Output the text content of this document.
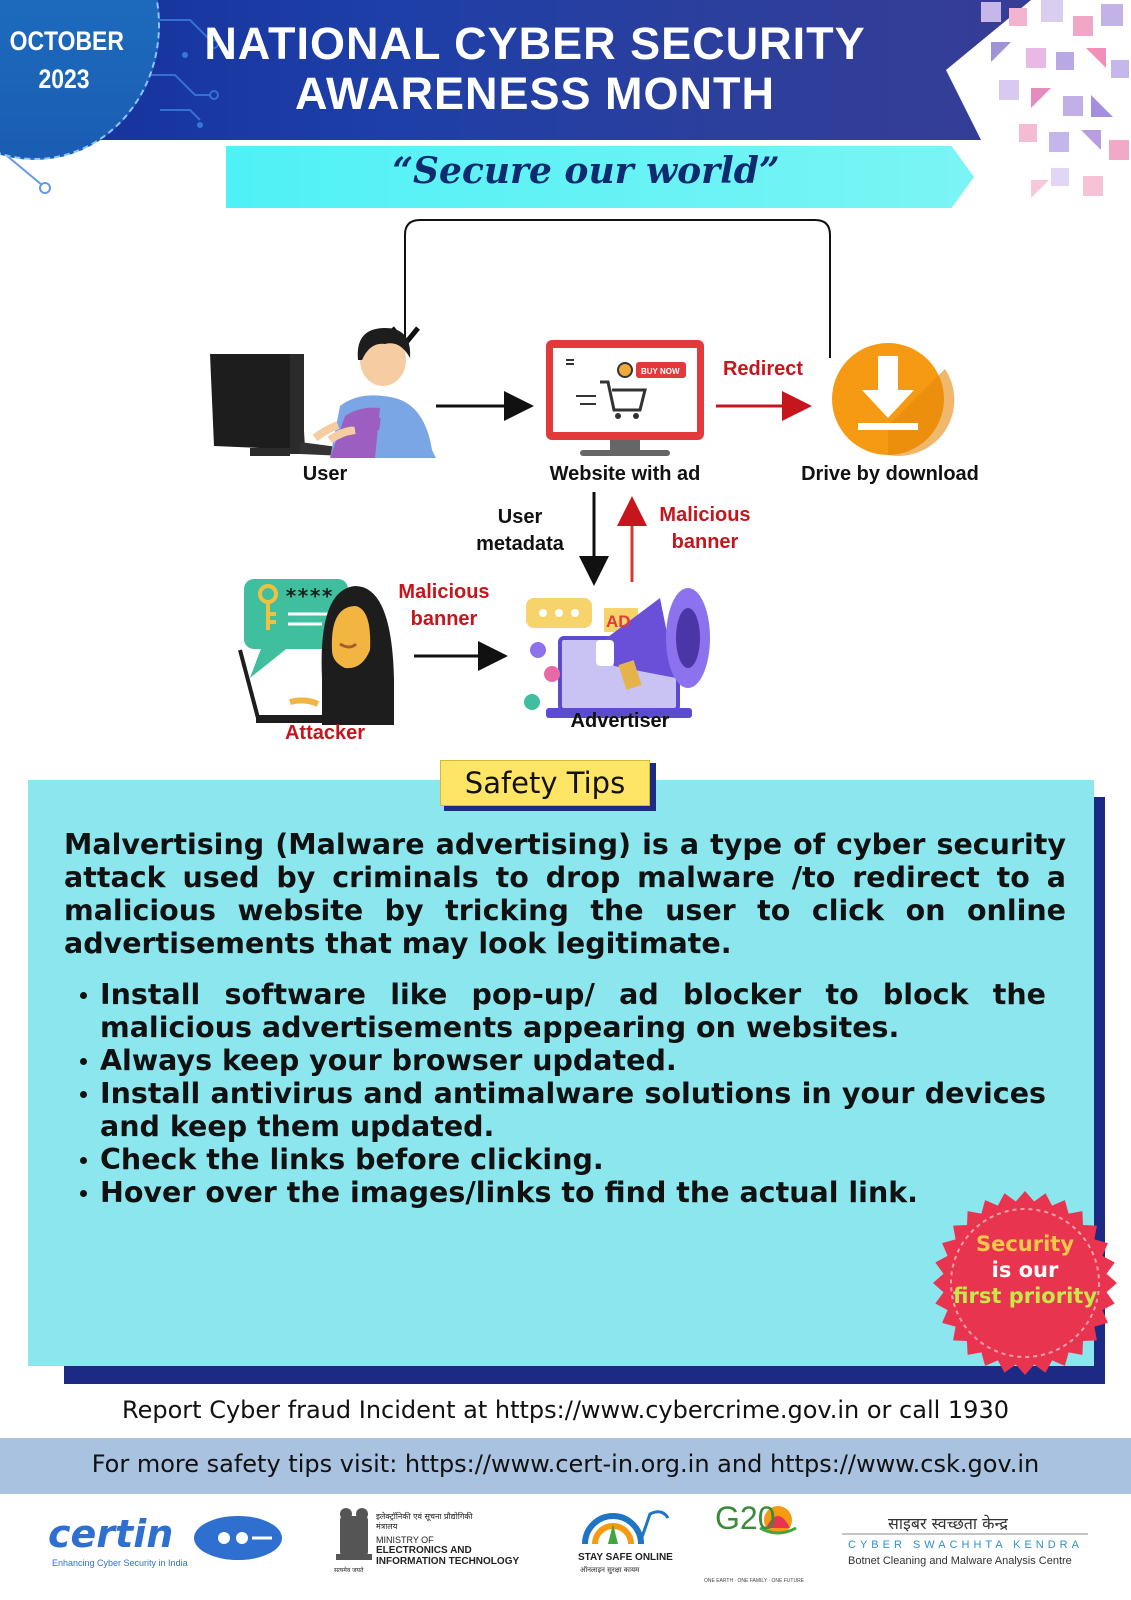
OCTOBER
2023
NATIONAL CYBER SECURITY
AWARENESS MONTH
“Secure our world”
BUY NOW
****
AD
User	Website with ad	Drive by download
Attacker
Advertiser
Redirect
User
metadata
Malicious
banner
Malicious
banner
Safety Tips

Malvertising (Malware advertising) is a type of cyber security attack used by criminals to drop malware /to redirect to a malicious website by tricking the user to click on online advertisements that may look legitimate.

Install software like pop-up/ ad blocker to block the malicious advertisements appearing on websites.
Always keep your browser updated.
Install antivirus and antimalware solutions in your devices and keep them updated.
Check the links before clicking.
Hover over the images/links to find the actual link.
Security
is our
first priority
Report Cyber fraud Incident at https://www.cybercrime.gov.in or call 1930
For more safety tips visit: https://www.cert-in.org.in and https://www.csk.gov.in
certin
Enhancing Cyber Security in India
इलेक्ट्रॉनिकी एवं सूचना प्रौद्योगिकी मंत्रालय
MINISTRY OF
ELECTRONICS AND
INFORMATION TECHNOLOGY
सत्यमेव जयते
STAY SAFE ONLINE
ऑनलाइन सुरक्षा कायम
G20
ONE EARTH · ONE FAMILY · ONE FUTURE
साइबर स्वच्छता केन्द्र
CYBER SWACHHTA KENDRA
Botnet Cleaning and Malware Analysis Centre
